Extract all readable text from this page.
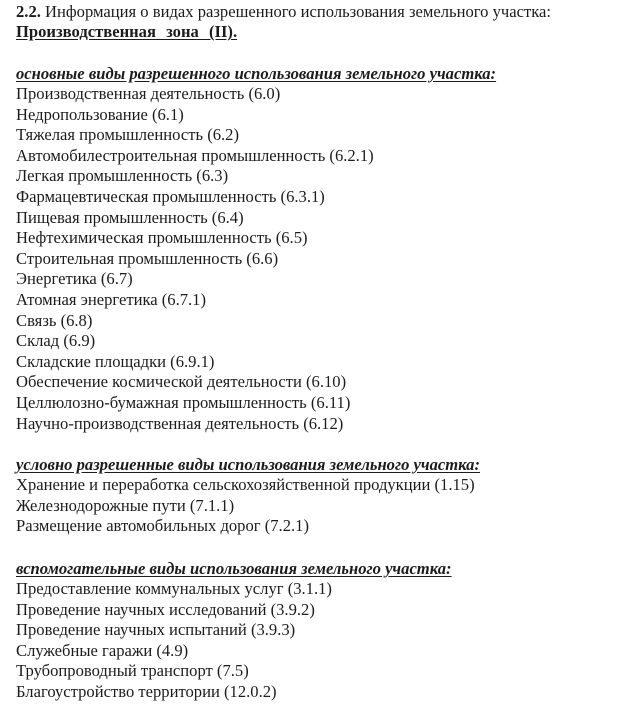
2.2. Информация о видах разрешенного использования земельного участка:
Производственная зона (II).
основные виды разрешенного использования земельного участка:
Производственная деятельность (6.0)
Недропользование (6.1)
Тяжелая промышленность (6.2)
Автомобилестроительная промышленность (6.2.1)
Легкая промышленность (6.3)
Фармацевтическая промышленность (6.3.1)
Пищевая промышленность (6.4)
Нефтехимическая промышленность (6.5)
Строительная промышленность (6.6)
Энергетика (6.7)
Атомная энергетика (6.7.1)
Связь (6.8)
Склад (6.9)
Складские площадки (6.9.1)
Обеспечение космической деятельности (6.10)
Целлюлозно-бумажная промышленность (6.11)
Научно-производственная деятельность (6.12)
условно разрешенные виды использования земельного участка:
Хранение и переработка сельскохозяйственной продукции (1.15)
Железнодорожные пути (7.1.1)
Размещение автомобильных дорог (7.2.1)
вспомогательные виды использования земельного участка:
Предоставление коммунальных услуг (3.1.1)
Проведение научных исследований (3.9.2)
Проведение научных испытаний (3.9.3)
Служебные гаражи (4.9)
Трубопроводный транспорт (7.5)
Благоустройство территории (12.0.2)
